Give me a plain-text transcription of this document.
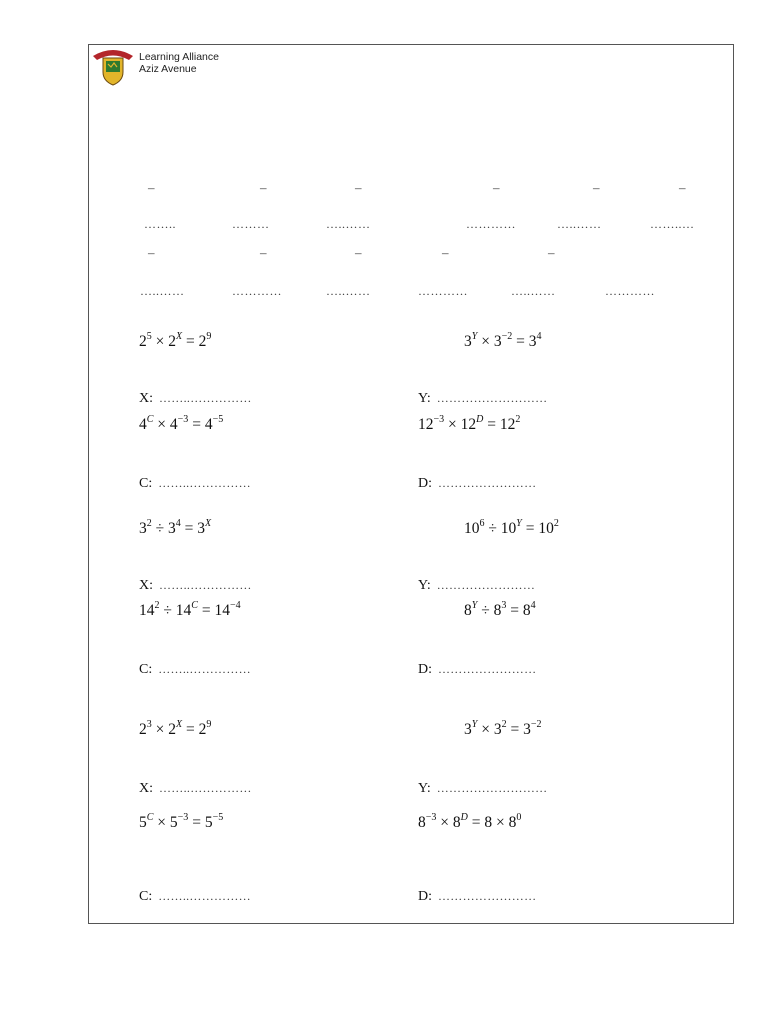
Learning Alliance
Aziz Avenue
–	–	–	–	–	–
……..	………	…..……	…………	…..……	……..…
–	–	–	–	–
…..……	…………	…..……	…………	…..……	…………
$2^5 \times 2^X = 2^9$	$3^Y \times 3^{-2} = 3^4$
X: ……..……………	Y: ………………………
$4^C \times 4^{-3} = 4^{-5}$	$12^{-3} \times 12^D = 12^2$
C: ……..……………	D: ……………………
$3^2 \div 3^4 = 3^X$	$10^6 \div 10^Y = 10^2$
X: ……..……………	Y: ……………………
$14^2 \div 14^C = 14^{-4}$	$8^Y \div 8^3 = 8^4$
C: ……..……………	D: ……………………
$2^3 \times 2^X = 2^9$	$3^Y \times 3^2 = 3^{-2}$
X: ……..……………	Y: ………………………
$5^C \times 5^{-3} = 5^{-5}$	$8^{-3} \times 8^D = 8 \times 8^0$
C: ……..……………	D: ……………………
